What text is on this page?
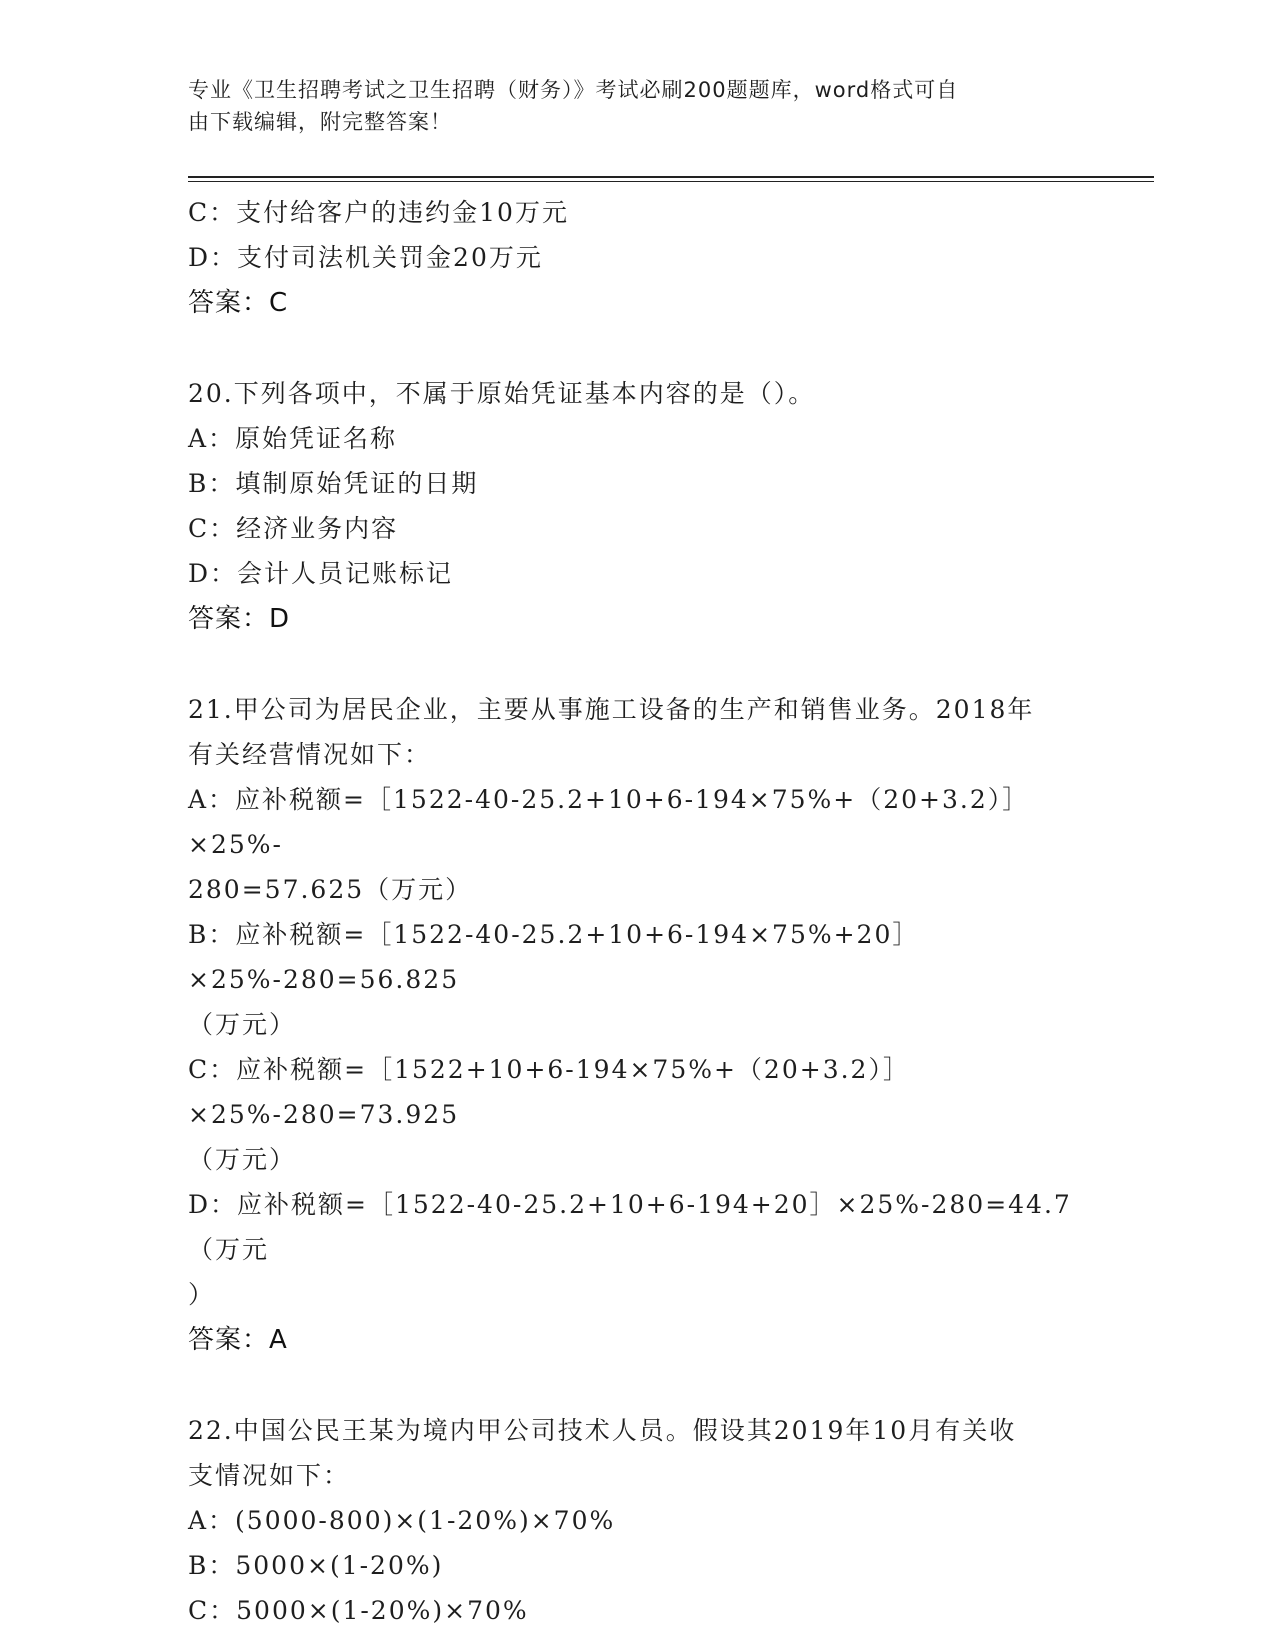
专业《卫生招聘考试之卫生招聘（财务）》考试必刷200题题库，word格式可自
由下载编辑，附完整答案！
C：支付给客户的违约金10万元
D：支付司法机关罚金20万元
答案：C
20.下列各项中，不属于原始凭证基本内容的是（）。
A：原始凭证名称
B：填制原始凭证的日期
C：经济业务内容
D：会计人员记账标记
答案：D
21.甲公司为居民企业，主要从事施工设备的生产和销售业务。2018年
有关经营情况如下：
A：应补税额=［1522-40-25.2+10+6-194×75%+（20+3.2）］×25%-
280=57.625（万元）
B：应补税额=［1522-40-25.2+10+6-194×75%+20］×25%-280=56.825
（万元）
C：应补税额=［1522+10+6-194×75%+（20+3.2）］×25%-280=73.925
（万元）
D：应补税额=［1522-40-25.2+10+6-194+20］×25%-280=44.7（万元
）
答案：A
22.中国公民王某为境内甲公司技术人员。假设其2019年10月有关收
支情况如下：
A：(5000-800)×(1-20%)×70%
B：5000×(1-20%)
C：5000×(1-20%)×70%
